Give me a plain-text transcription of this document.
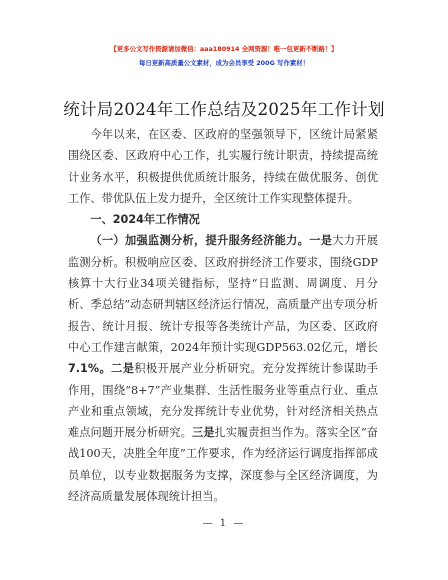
【更多公文写作资源请加微信：aaa180914 全网资源！唯一包更新不断路！】
每日更新高质量公文素材，成为会员享受 200G 写作素材！
统计局2024年工作总结及2025年工作计划

今年以来，在区委、区政府的坚强领导下，区统计局紧紧围绕区委、区政府中心工作，扎实履行统计职责，持续提高统计业务水平，积极提供优质统计服务，持续在做优服务、创优工作、带优队伍上发力提升，全区统计工作实现整体提升。

一、2024年工作情况

（一）加强监测分析，提升服务经济能力。一是大力开展监测分析。积极响应区委、区政府拼经济工作要求，围绕GDP核算十大行业34项关键指标，坚持“日监测、周调度、月分析、季总结”动态研判辖区经济运行情况，高质量产出专项分析报告、统计月报、统计专报等各类统计产品，为区委、区政府中心工作建言献策，2024年预计实现GDP563.02亿元，增长7.1%。二是积极开展产业分析研究。充分发挥统计参谋助手作用，围绕“8+7”产业集群、生活性服务业等重点行业、重点产业和重点领域，充分发挥统计专业优势，针对经济相关热点难点问题开展分析研究。三是扎实履责担当作为。落实全区“奋战100天，决胜全年度”工作要求，作为经济运行调度指挥部成员单位，以专业数据服务为支撑，深度参与全区经济调度，为经济高质量发展体现统计担当。

— 1 —
